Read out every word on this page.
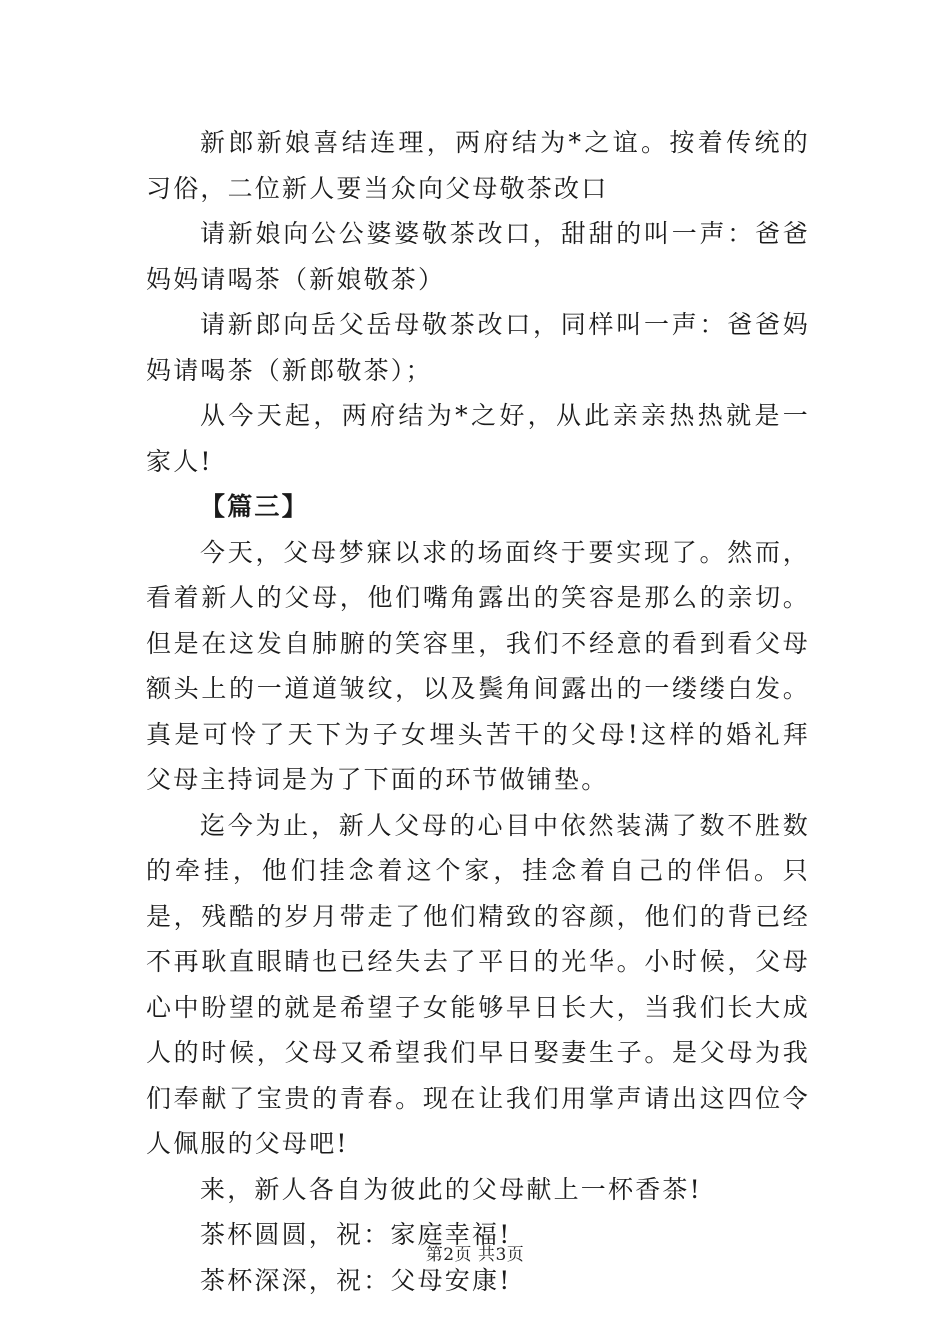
新郎新娘喜结连理，两府结为*之谊。按着传统的习俗，二位新人要当众向父母敬茶改口

请新娘向公公婆婆敬茶改口，甜甜的叫一声：爸爸妈妈请喝茶（新娘敬茶）

请新郎向岳父岳母敬茶改口，同样叫一声：爸爸妈妈请喝茶（新郎敬茶）；

从今天起，两府结为*之好，从此亲亲热热就是一家人!

【篇三】

今天，父母梦寐以求的场面终于要实现了。然而，看着新人的父母，他们嘴角露出的笑容是那么的亲切。但是在这发自肺腑的笑容里，我们不经意的看到看父母额头上的一道道皱纹，以及鬓角间露出的一缕缕白发。真是可怜了天下为子女埋头苦干的父母!这样的婚礼拜父母主持词是为了下面的环节做铺垫。

迄今为止，新人父母的心目中依然装满了数不胜数的牵挂，他们挂念着这个家，挂念着自己的伴侣。只是，残酷的岁月带走了他们精致的容颜，他们的背已经不再耿直眼睛也已经失去了平日的光华。小时候，父母心中盼望的就是希望子女能够早日长大，当我们长大成人的时候，父母又希望我们早日娶妻生子。是父母为我们奉献了宝贵的青春。现在让我们用掌声请出这四位令人佩服的父母吧!

来，新人各自为彼此的父母献上一杯香茶!

茶杯圆圆，祝：家庭幸福!

茶杯深深，祝：父母安康!

第2页 共3页
